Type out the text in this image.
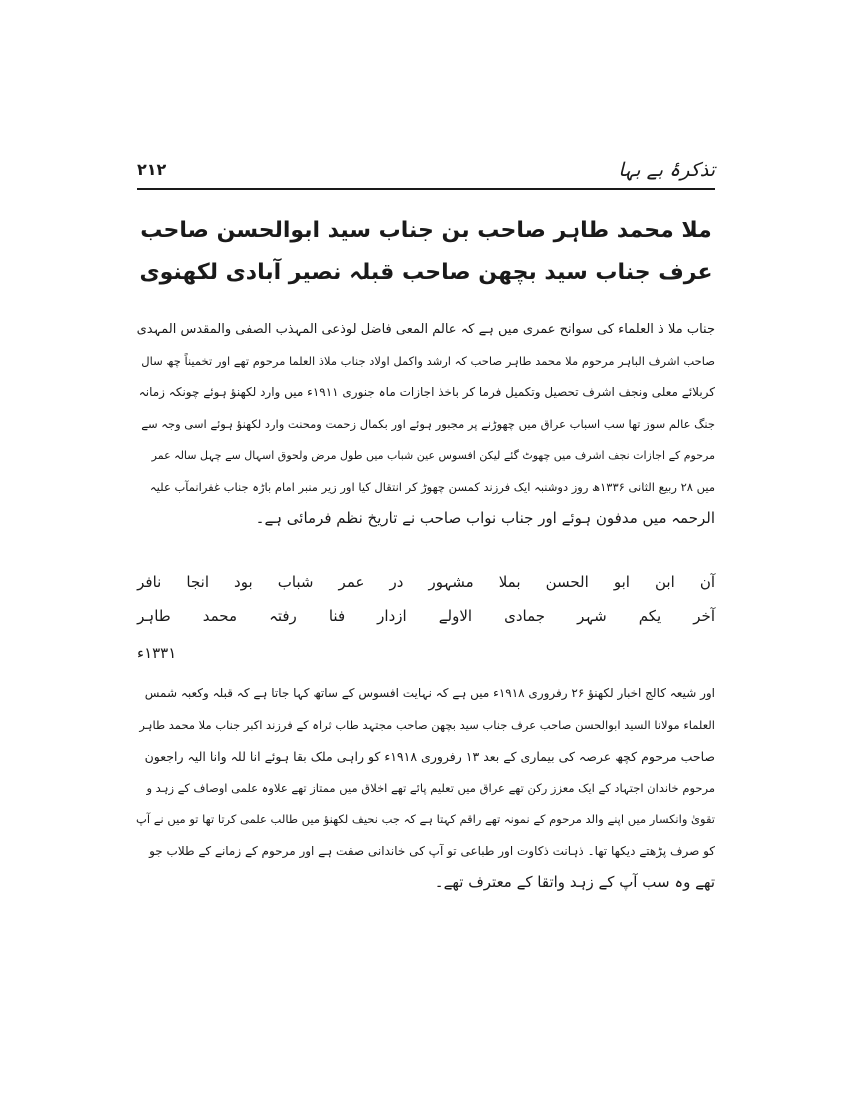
تذکرۂ بے بہا
۲۱۲
ملا محمد طاہر صاحب بن جناب سید ابوالحسن صاحب
عرف جناب سید بچھن صاحب قبلہ نصیر آبادی لکھنوی
جناب ملا ذ العلماء کی سوانح عمری میں ہے کہ عالم المعی فاضل لوذعی المہذب الصفی والمقدس المہدی
صاحب اشرف الباہر مرحوم ملا محمد طاہر صاحب کہ ارشد واکمل اولاد جناب ملاذ العلما مرحوم تھے اور تخمیناً چھ سال
کربلائے معلی ونجف اشرف تحصیل وتکمیل فرما کر باخذ اجازات ماہ جنوری ۱۹۱۱ء میں وارد لکھنؤ ہوئے چونکہ زمانہ
جنگ عالم سوز تھا سب اسباب عراق میں چھوڑنے پر مجبور ہوئے اور بکمال زحمت ومحنت وارد لکھنؤ ہوئے اسی وجہ سے
مرحوم کے اجازات نجف اشرف میں چھوٹ گئے لیکن افسوس عین شباب میں طول مرض ولحوق اسہال سے چہل سالہ عمر
میں ۲۸ ربیع الثانی ۱۳۳۶ھ روز دوشنبہ ایک فرزند کمسن چھوڑ کر انتقال کیا اور زیر منبر امام باڑہ جناب غفرانمآب علیہ
الرحمہ میں مدفون ہوئے اور جناب نواب صاحب نے تاریخ نظم فرمائی ہے۔
آن
ابن
ابو
الحسن
بملا
مشہور
در
عمر
شباب
بود
انجا
نافر
آخر
یکم
شہر
جمادی
الاولے
ازدار
فنا
رفتہ
محمد
طاہر
۱۳۳۱ء
اور شیعہ کالج اخبار لکھنؤ ۲۶ رفروری ۱۹۱۸ء میں ہے کہ نہایت افسوس کے ساتھ کہا جاتا ہے کہ قبلہ وکعبہ شمس
العلماء مولانا السید ابوالحسن صاحب عرف جناب سید بچھن صاحب مجتہد طاب ثراہ کے فرزند اکبر جناب ملا محمد طاہر
صاحب مرحوم کچھ عرصہ کی بیماری کے بعد ۱۳ رفروری ۱۹۱۸ء کو راہی ملک بقا ہوئے انا للہ وانا الیہ راجعون
مرحوم خاندان اجتہاد کے ایک معزز رکن تھے عراق میں تعلیم پائے تھے اخلاق میں ممتاز تھے علاوہ علمی اوصاف کے زہد و
تقویٰ وانکسار میں اپنے والد مرحوم کے نمونہ تھے راقم کہتا ہے کہ جب نحیف لکھنؤ میں طالب علمی کرتا تھا تو میں نے آپ
کو صرف پڑھتے دیکھا تھا۔ ذہانت ذکاوت اور طباعی تو آپ کی خاندانی صفت ہے اور مرحوم کے زمانے کے طلاب جو
تھے وہ سب آپ کے زہد واتقا کے معترف تھے۔
